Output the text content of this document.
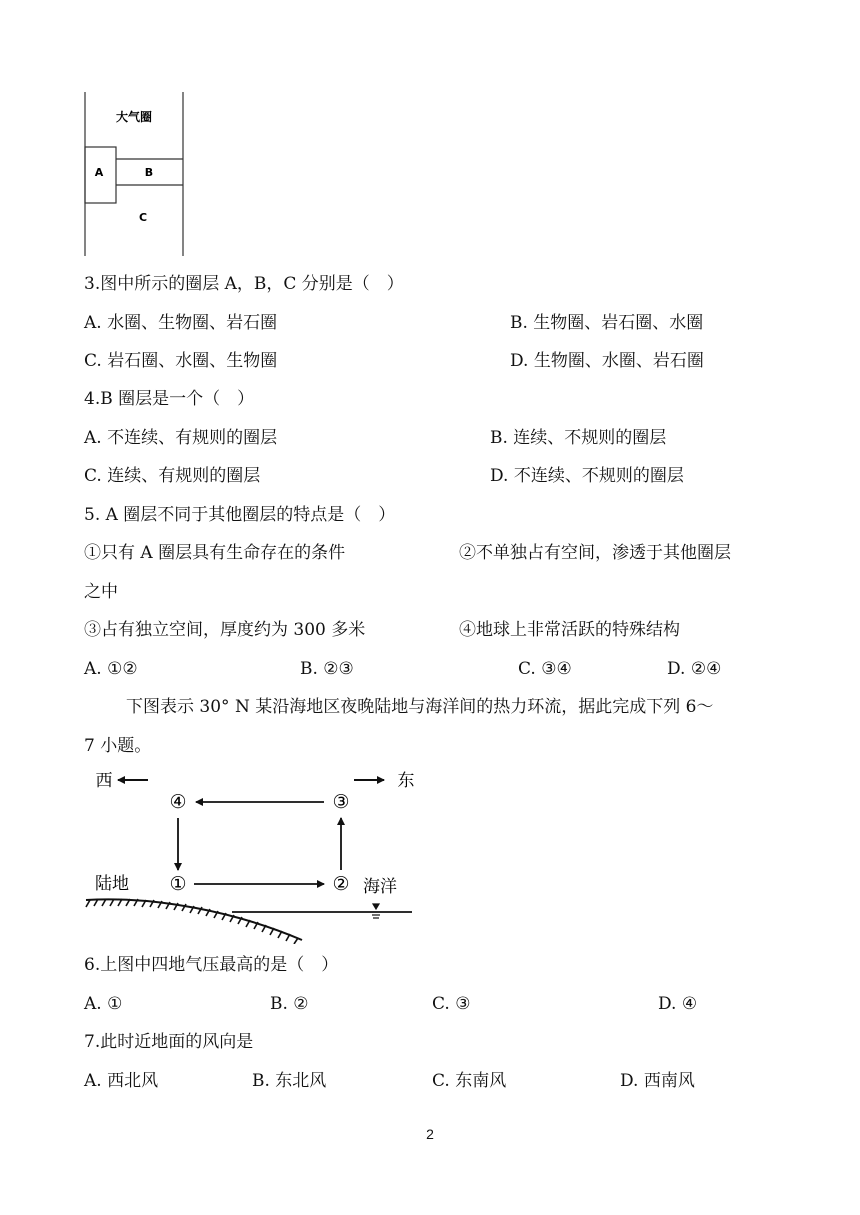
大气圈
A	B
C
3.图中所示的圈层 A，B，C 分别是（　）
A. 水圈、生物圈、岩石圈	B. 生物圈、岩石圈、水圈
C. 岩石圈、水圈、生物圈	D. 生物圈、水圈、岩石圈
4.B 圈层是一个（　）
A. 不连续、有规则的圈层	B. 连续、不规则的圈层
C. 连续、有规则的圈层	D. 不连续、不规则的圈层
5. A 圈层不同于其他圈层的特点是（　）
①只有 A 圈层具有生命存在的条件	②不单独占有空间，渗透于其他圈层
之中
③占有独立空间，厚度约为 300 多米	④地球上非常活跃的特殊结构
A. ①②	B. ②③	C. ③④	D. ②④
下图表示 30° N 某沿海地区夜晚陆地与海洋间的热力环流，据此完成下列 6～
7 小题。
西	东
④	③
①	②
陆地	海洋
6.上图中四地气压最高的是（　）
A. ①	B. ②	C. ③	D. ④
7.此时近地面的风向是
A. 西北风	B. 东北风	C. 东南风	D. 西南风
2
